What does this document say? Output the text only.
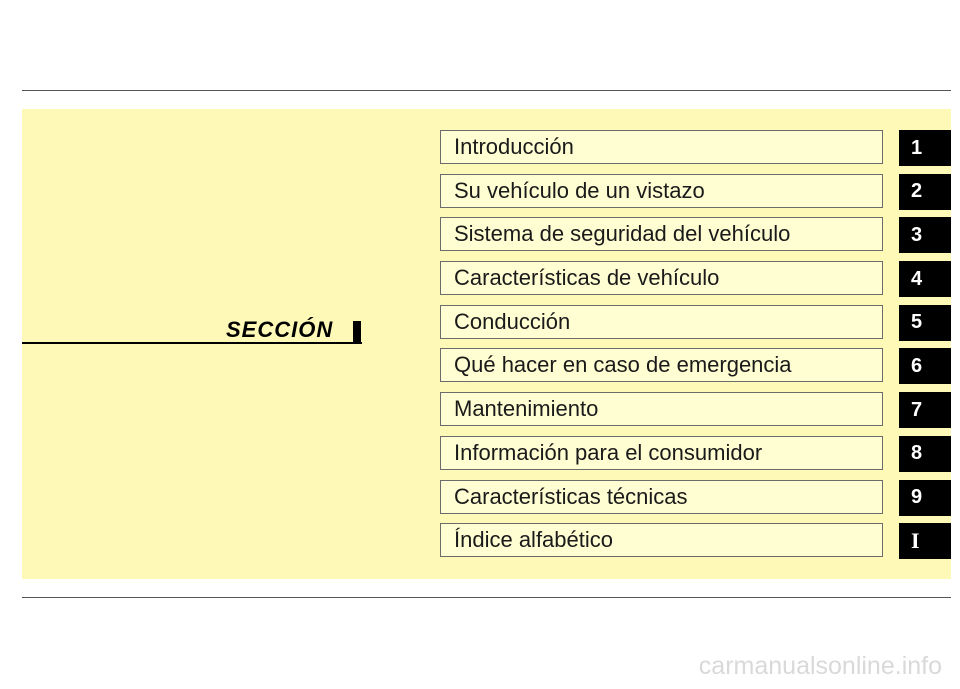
SECCIÓN
Introducción	1
Su vehículo de un vistazo	2
Sistema de seguridad del vehículo	3
Características de vehículo	4
Conducción	5
Qué hacer en caso de emergencia	6
Mantenimiento	7
Información para el consumidor	8
Características técnicas	9
Índice alfabético	I
carmanualsonline.info
